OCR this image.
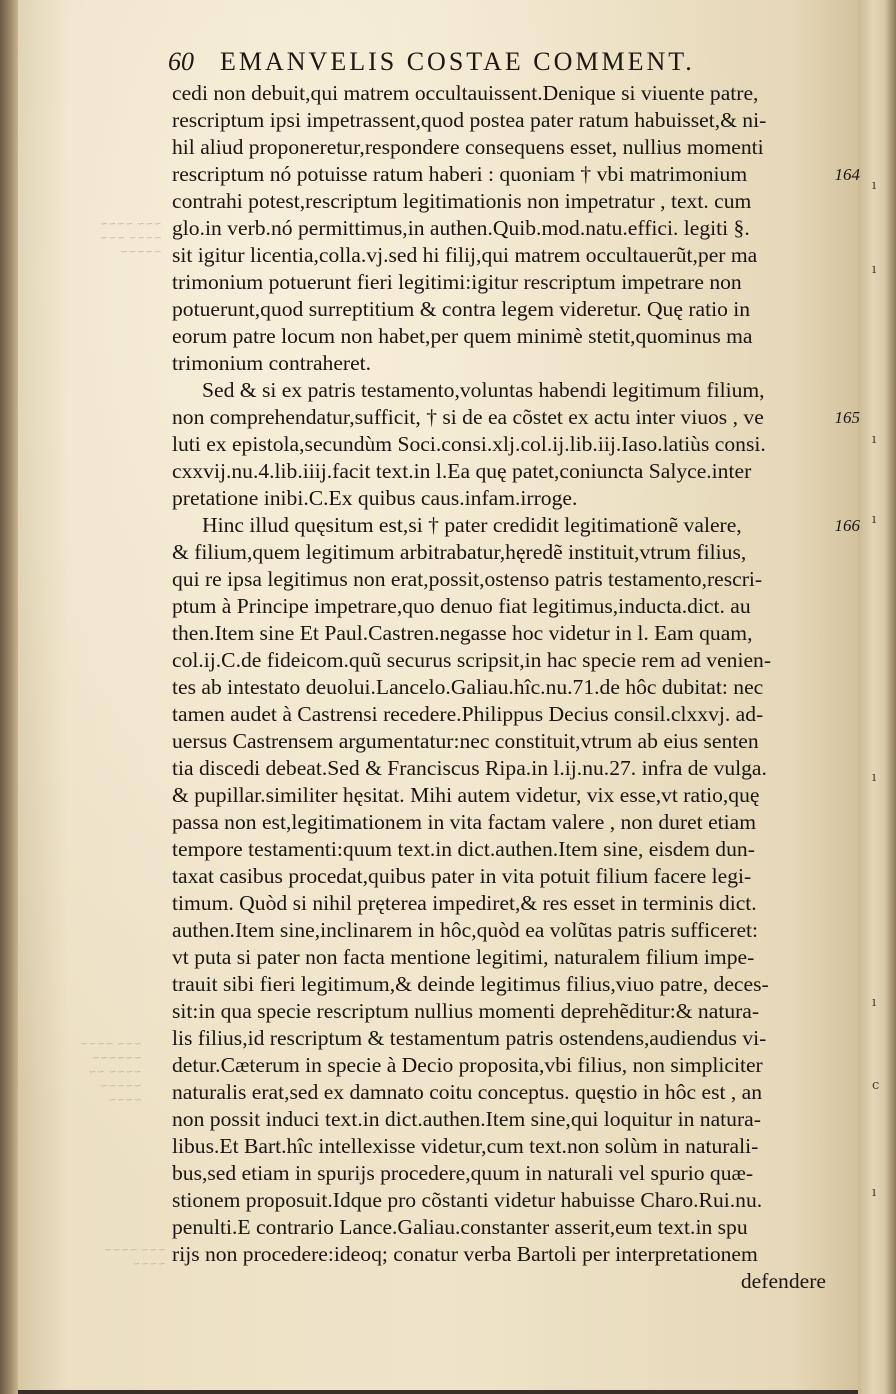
~~~ ~~~~
~~~~ ~~~
~~~~~
~~~ ~~~~
~~~~~~
~~~~ ~~
~~~~~
~~~~
~~~ ~~~~
~~~~
ı
ı
ı
ı
ı
ı
c
ı
60 EMANVELIS COSTAE COMMENT.
cedi non debuit,qui matrem occultauissent.Denique si viuente patre,
rescriptum ipsi impetrassent,quod postea pater ratum habuisset,& ni-
hil aliud proponeretur,respondere consequens esset, nullius momenti
rescriptum nó potuisse ratum haberi : quoniam † vbi matrimonium	164
contrahi potest,rescriptum legitimationis non impetratur , text. cum
glo.in verb.nó permittimus,in authen.Quib.mod.natu.effici. legiti §.
sit igitur licentia,colla.vj.sed hi filij,qui matrem occultauerũt,per ma
trimonium potuerunt fieri legitimi:igitur rescriptum impetrare non
potuerunt,quod surreptitium & contra legem videretur. Quę ratio in
eorum patre locum non habet,per quem minimè stetit,quominus ma
trimonium contraheret.
Sed & si ex patris testamento,voluntas habendi legitimum filium,
non comprehendatur,sufficit, † si de ea cõstet ex actu inter viuos , ve	165
luti ex epistola,secundùm Soci.consi.xlj.col.ij.lib.iij.Iaso.latiùs consi.
cxxvij.nu.4.lib.iiij.facit text.in l.Ea quę patet,coniuncta Salyce.inter
pretatione inibi.C.Ex quibus caus.infam.irroge.
Hinc illud quęsitum est,si † pater credidit legitimationẽ valere,	166
& filium,quem legitimum arbitrabatur,hęredẽ instituit,vtrum filius,
qui re ipsa legitimus non erat,possit,ostenso patris testamento,rescri-
ptum à Principe impetrare,quo denuo fiat legitimus,inducta.dict. au
then.Item sine Et Paul.Castren.negasse hoc videtur in l. Eam quam,
col.ij.C.de fideicom.quũ securus scripsit,in hac specie rem ad venien-
tes ab intestato deuolui.Lancelo.Galiau.hîc.nu.71.de hôc dubitat: nec
tamen audet à Castrensi recedere.Philippus Decius consil.clxxvj. ad-
uersus Castrensem argumentatur:nec constituit,vtrum ab eius senten
tia discedi debeat.Sed & Franciscus Ripa.in l.ij.nu.27. infra de vulga.
& pupillar.similiter hęsitat. Mihi autem videtur, vix esse,vt ratio,quę
passa non est,legitimationem in vita factam valere , non duret etiam
tempore testamenti:quum text.in dict.authen.Item sine, eisdem dun-
taxat casibus procedat,quibus pater in vita potuit filium facere legi-
timum. Quòd si nihil pręterea impediret,& res esset in terminis dict.
authen.Item sine,inclinarem in hôc,quòd ea volũtas patris sufficeret:
vt puta si pater non facta mentione legitimi, naturalem filium impe-
trauit sibi fieri legitimum,& deinde legitimus filius,viuo patre, deces-
sit:in qua specie rescriptum nullius momenti deprehẽditur:& natura-
lis filius,id rescriptum & testamentum patris ostendens,audiendus vi-
detur.Cæterum in specie à Decio proposita,vbi filius, non simpliciter
naturalis erat,sed ex damnato coitu conceptus. quęstio in hôc est , an
non possit induci text.in dict.authen.Item sine,qui loquitur in natura-
libus.Et Bart.hîc intellexisse videtur,cum text.non solùm in naturali-
bus,sed etiam in spurijs procedere,quum in naturali vel spurio quæ-
stionem proposuit.Idque pro cõstanti videtur habuisse Charo.Rui.nu.
penulti.E contrario Lance.Galiau.constanter asserit,eum text.in spu
rijs non procedere:ideoq; conatur verba Bartoli per interpretationem
defendere
